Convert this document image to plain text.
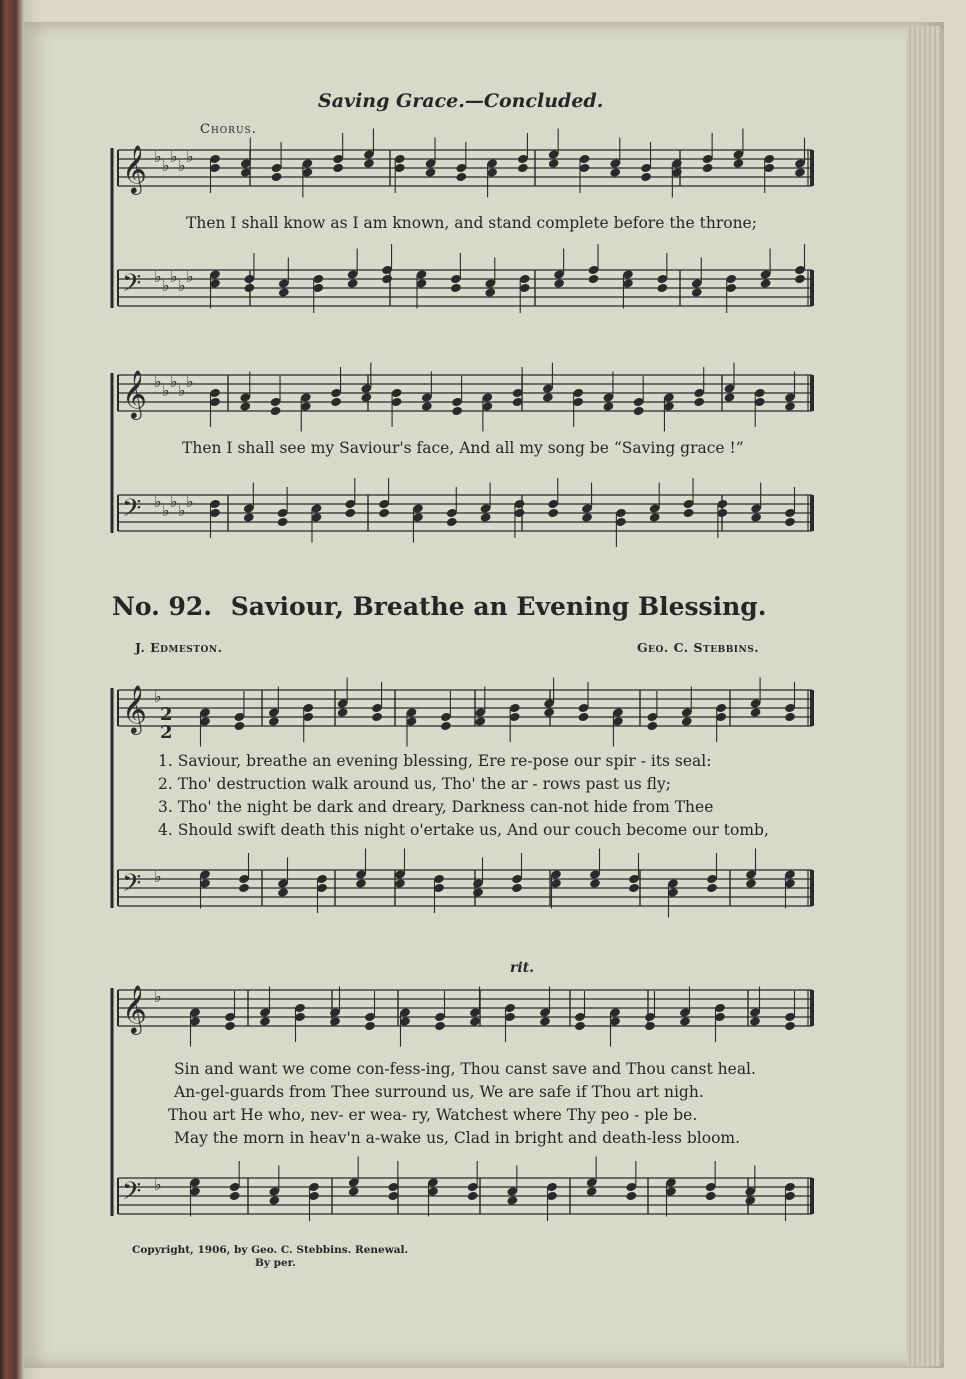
𝄞 ♭ ♭ ♭ ♭ ♭
𝄢 ♭ ♭ ♭ ♭ ♭
𝄞 ♭ ♭ ♭ ♭ ♭
𝄢 ♭ ♭ ♭ ♭ ♭
𝄞 ♭
2
2
𝄢 ♭
𝄞 ♭
𝄢 ♭
Saving Grace.—Concluded.
Chorus.
Then I shall know as I am known, and stand complete before the throne;
Then I shall see my Saviour's face, And all my song be “Saving grace !”
No. 92. Saviour, Breathe an Evening Blessing.
J. Edmeston.	Geo. C. Stebbins.
1. Saviour, breathe an evening blessing, Ere re-pose our spir - its seal:
2. Tho' destruction walk around us, Tho' the ar - rows past us fly;
3. Tho' the night be dark and dreary, Darkness can-not hide from Thee
4. Should swift death this night o'ertake us, And our couch become our tomb,
rit.
Sin and want we come con-fess-ing, Thou canst save and Thou canst heal.
An-gel-guards from Thee surround us, We are safe if Thou art nigh.
Thou art He who, nev- er wea- ry, Watchest where Thy peo - ple be.
May the morn in heav'n a-wake us, Clad in bright and death-less bloom.
Copyright, 1906, by Geo. C. Stebbins. Renewal.
By per.
